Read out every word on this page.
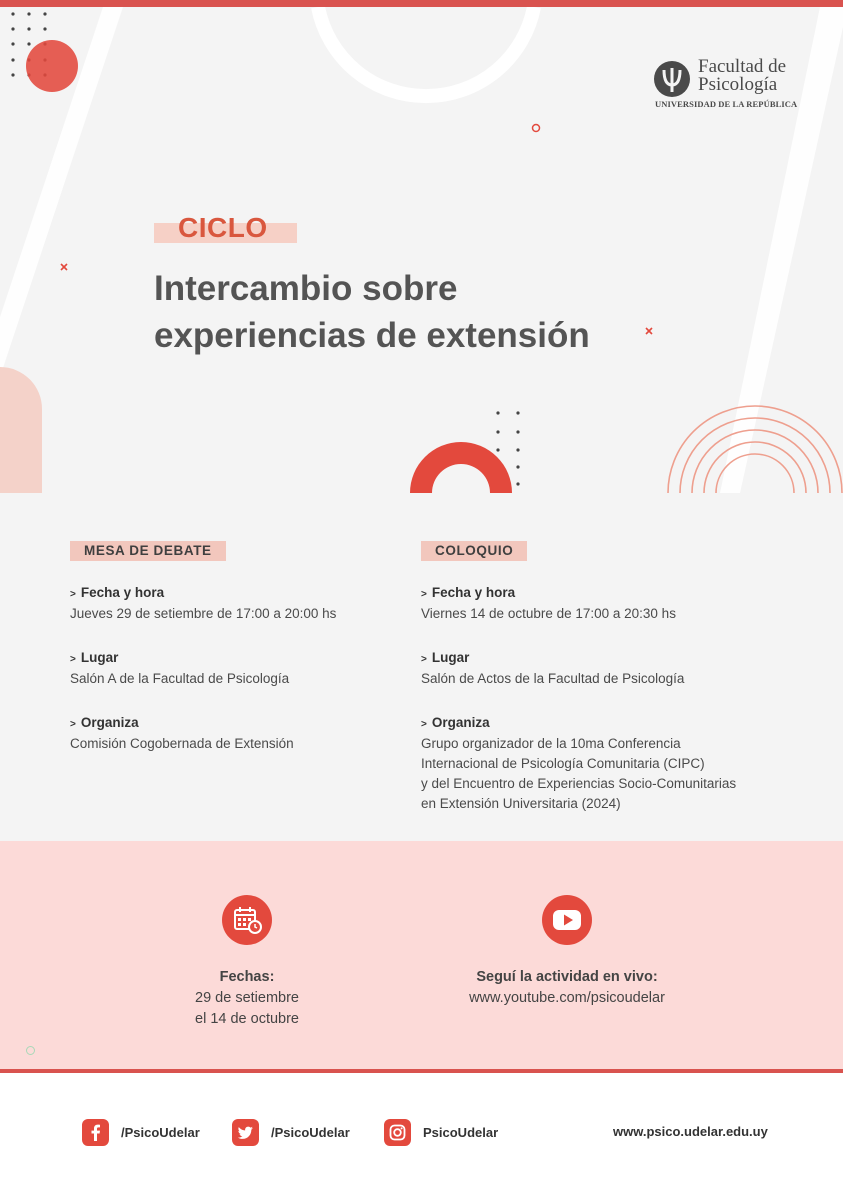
Facultad de
Psicología
UNIVERSIDAD DE LA REPÚBLICA
CICLO
Intercambio sobre
experiencias de extensión
MESA DE DEBATE
> Fecha y hora
Jueves 29 de setiembre de 17:00 a 20:00 hs
> Lugar
Salón A de la Facultad de Psicología
> Organiza
Comisión Cogobernada de Extensión
COLOQUIO
> Fecha y hora
Viernes 14 de octubre de 17:00 a 20:30 hs
> Lugar
Salón de Actos de la Facultad de Psicología
> Organiza
Grupo organizador de la 10ma Conferencia
Internacional de Psicología Comunitaria (CIPC)
y del Encuentro de Experiencias Socio-Comunitarias
en Extensión Universitaria (2024)
Fechas:
29 de setiembre
el 14 de octubre
Seguí la actividad en vivo:
www.youtube.com/psicoudelar
/PsicoUdelar	/PsicoUdelar	PsicoUdelar	www.psico.udelar.edu.uy
